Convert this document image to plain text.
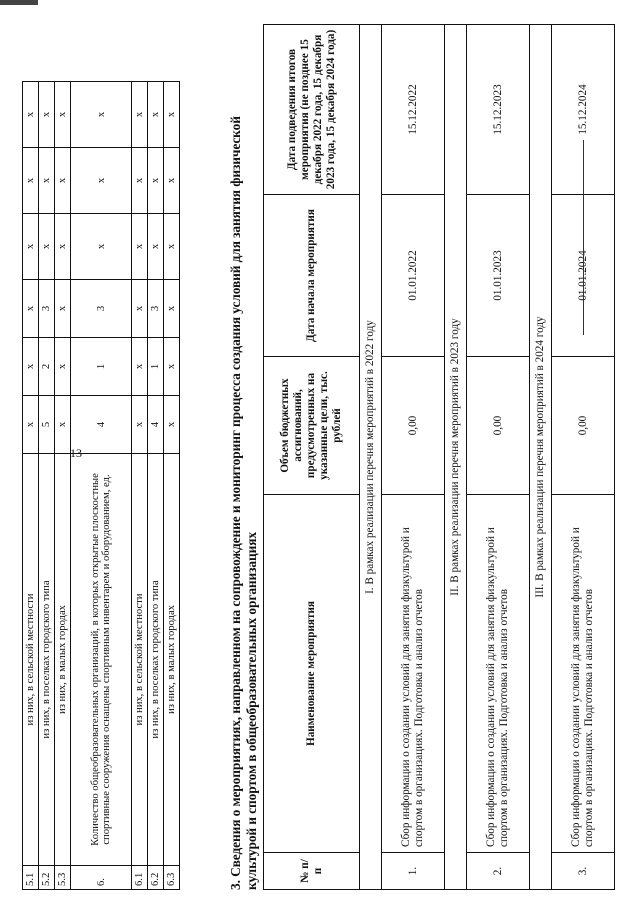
13
5.1	из них, в сельской местности	х	х	х	х	х	х
5.2	из них, в поселках городского типа	5	2	3	х	х	х
5.3	из них, в малых городах	х	х	х	х	х	х
6.	Количество общеобразовательных организаций, в которых открытые плоскостные спортивные сооружения оснащены спортивным инвентарем и оборудованием, ед.	4	1	3	х	х	х
6.1	из них, в сельской местности	х	х	х	х	х	х
6.2	из них, в поселках городского типа	4	1	3	х	х	х
6.3	из них, в малых городах	х	х	х	х	х	х
3. Сведения о мероприятиях, направленном на сопровождение и мониторинг процесса создания условий для занятия физической культурой и спортом в общеобразовательных организациях	№ п/п	Наименование мероприятия	Объем бюджетных ассигнований, предусмотренных на указанные цели, тыс. рублей	Дата начала мероприятия	Дата подведения итогов мероприятия (не позднее 15 декабря 2022 года, 15 декабря 2023 года, 15 декабря 2024 года)
I. В рамках реализации перечня мероприятий в 2022 году				
1.	Сбор информации о создании условий для занятия физкультурой и спортом в организациях. Подготовка и анализ отчетов	0,00	01.01.2022	15.12.2022
II. В рамках реализации перечня мероприятий в 2023 году				
2.	Сбор информации о создании условий для занятия физкультурой и спортом в организациях. Подготовка и анализ отчетов	0,00	01.01.2023	15.12.2023
III. В рамках реализации перечня мероприятий в 2024 году				
3.	Сбор информации о создании условий для занятия физкультурой и спортом в организациях. Подготовка и анализ отчетов	0,00	01.01.2024	15.12.2024
